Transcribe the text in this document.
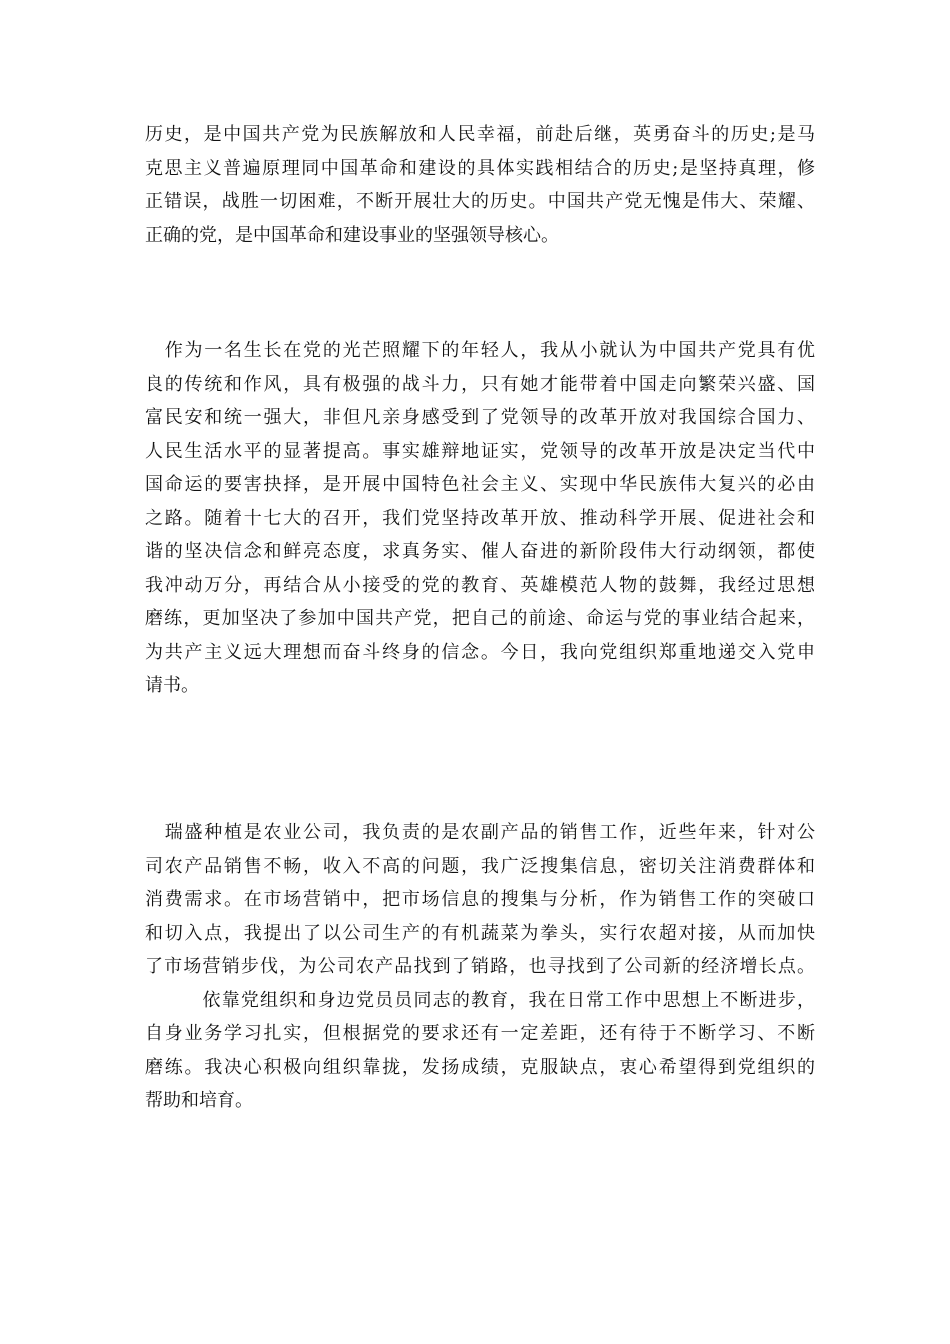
历史，是中国共产党为民族解放和人民幸福，前赴后继，英勇奋斗的历史;是马
克思主义普遍原理同中国革命和建设的具体实践相结合的历史;是坚持真理，修
正错误，战胜一切困难，不断开展壮大的历史。中国共产党无愧是伟大、荣耀、
正确的党，是中国革命和建设事业的坚强领导核心。

　作为一名生长在党的光芒照耀下的年轻人，我从小就认为中国共产党具有优
良的传统和作风，具有极强的战斗力，只有她才能带着中国走向繁荣兴盛、国
富民安和统一强大，非但凡亲身感受到了党领导的改革开放对我国综合国力、
人民生活水平的显著提高。事实雄辩地证实，党领导的改革开放是决定当代中
国命运的要害抉择，是开展中国特色社会主义、实现中华民族伟大复兴的必由
之路。随着十七大的召开，我们党坚持改革开放、推动科学开展、促进社会和
谐的坚决信念和鲜亮态度，求真务实、催人奋进的新阶段伟大行动纲领，都使
我冲动万分，再结合从小接受的党的教育、英雄模范人物的鼓舞，我经过思想
磨练，更加坚决了参加中国共产党，把自己的前途、命运与党的事业结合起来，
为共产主义远大理想而奋斗终身的信念。今日，我向党组织郑重地递交入党申
请书。

　瑞盛种植是农业公司，我负责的是农副产品的销售工作，近些年来，针对公
司农产品销售不畅，收入不高的问题，我广泛搜集信息，密切关注消费群体和
消费需求。在市场营销中，把市场信息的搜集与分析，作为销售工作的突破口
和切入点，我提出了以公司生产的有机蔬菜为拳头，实行农超对接，从而加快
了市场营销步伐，为公司农产品找到了销路，也寻找到了公司新的经济增长点。
　　　依靠党组织和身边党员员同志的教育，我在日常工作中思想上不断进步，
自身业务学习扎实，但根据党的要求还有一定差距，还有待于不断学习、不断
磨练。我决心积极向组织靠拢，发扬成绩，克服缺点，衷心希望得到党组织的
帮助和培育。
